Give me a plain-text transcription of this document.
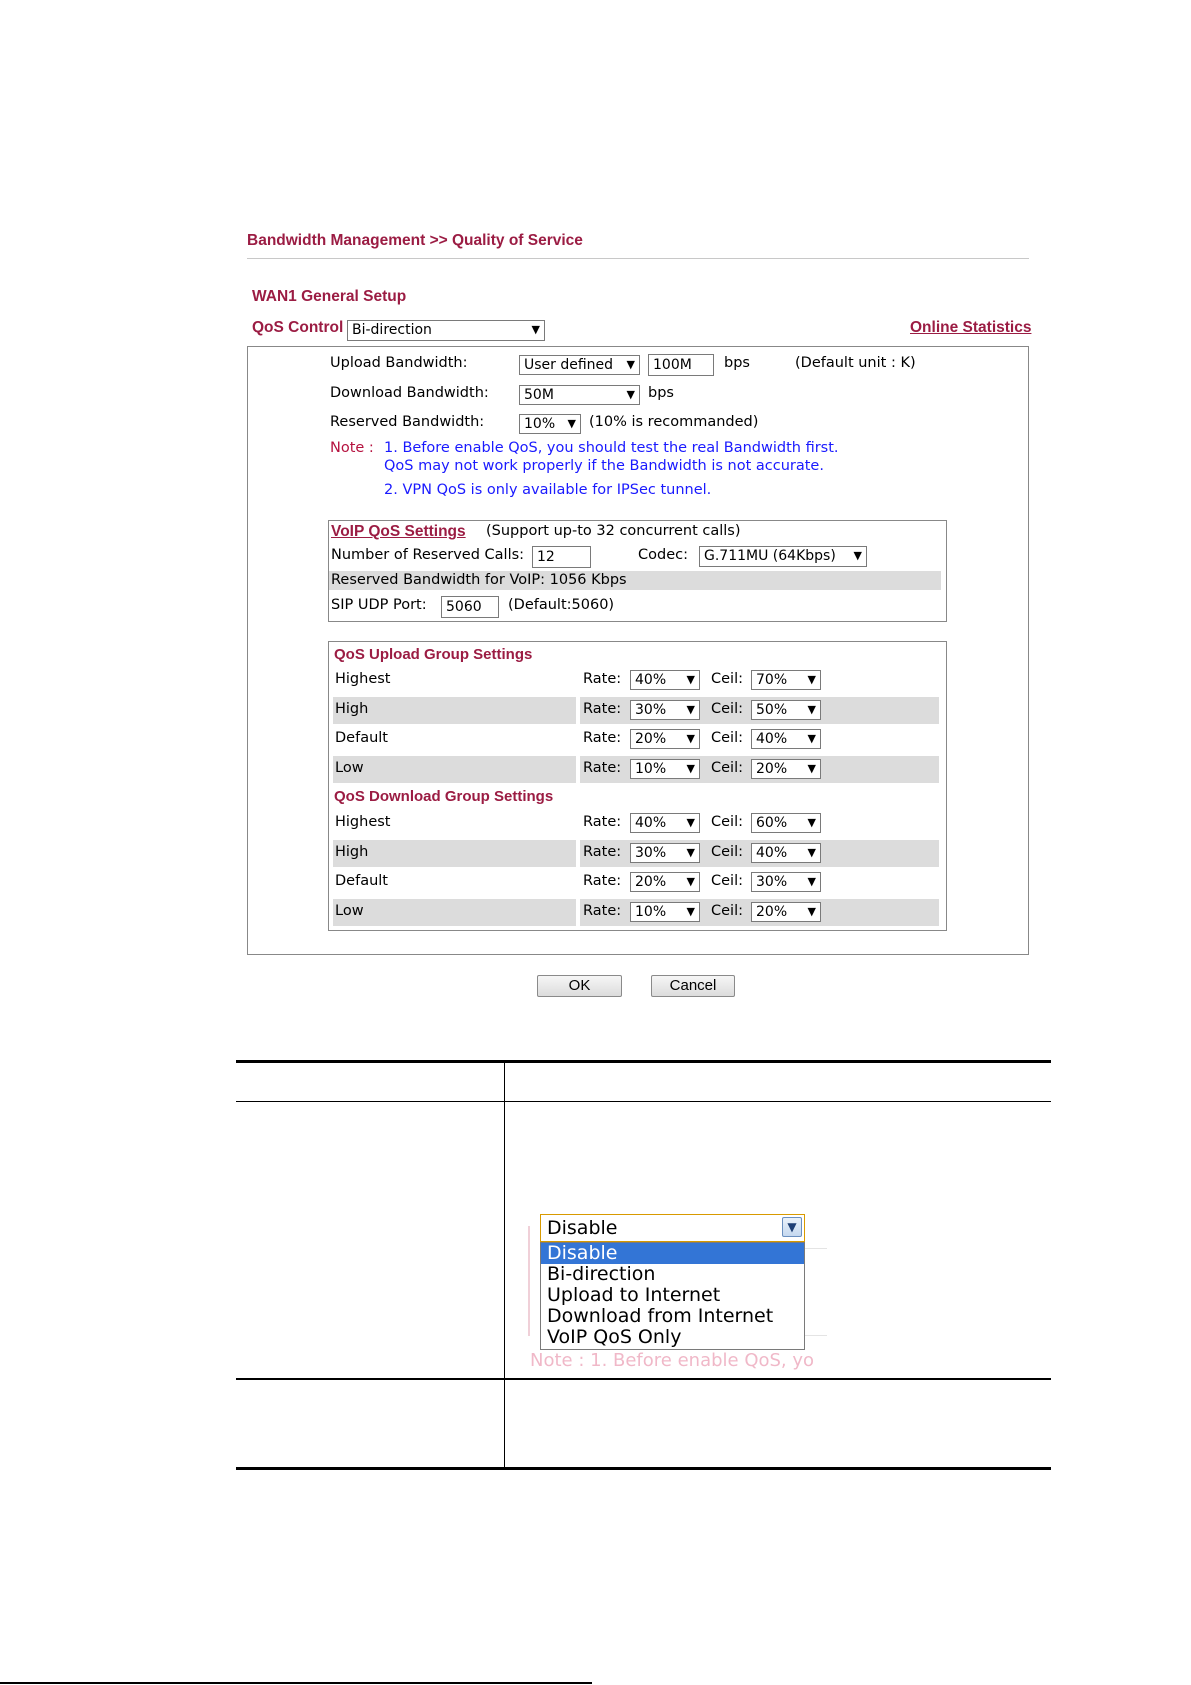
Bandwidth Management >> Quality of Service
WAN1 General Setup
QoS Control Bi-direction	▼	Online Statistics
Upload Bandwidth:	User defined ▼	100M	bps	(Default unit : K)
Download Bandwidth:	50M	▼ bps
Reserved Bandwidth:	10% ▼ (10% is recommanded)
Note : 1. Before enable QoS, you should test the real Bandwidth first.
QoS may not work properly if the Bandwidth is not accurate.
2. VPN QoS is only available for IPSec tunnel.
VoIP QoS Settings (Support up-to 32 concurrent calls)
Number of Reserved Calls: 12	Codec:	G.711MU (64Kbps) ▼
Reserved Bandwidth for VoIP: 1056 Kbps
SIP UDP Port:	5060	(Default:5060)
QoS Upload Group Settings
Highest	Rate: 40% ▼ Ceil: 70% ▼
High	Rate: 30% ▼ Ceil: 50% ▼
Default	Rate: 20% ▼ Ceil: 40% ▼
Low	Rate: 10% ▼ Ceil: 20% ▼
QoS Download Group Settings
Highest	Rate: 40% ▼ Ceil: 60% ▼
High	Rate: 30% ▼ Ceil: 40% ▼
Default	Rate: 20% ▼ Ceil: 30% ▼
Low	Rate: 10% ▼ Ceil: 20% ▼
OK	Cancel
Note : 1. Before enable QoS, yo
Disable	▼
Disable
Bi-direction
Upload to Internet
Download from Internet
VoIP QoS Only
